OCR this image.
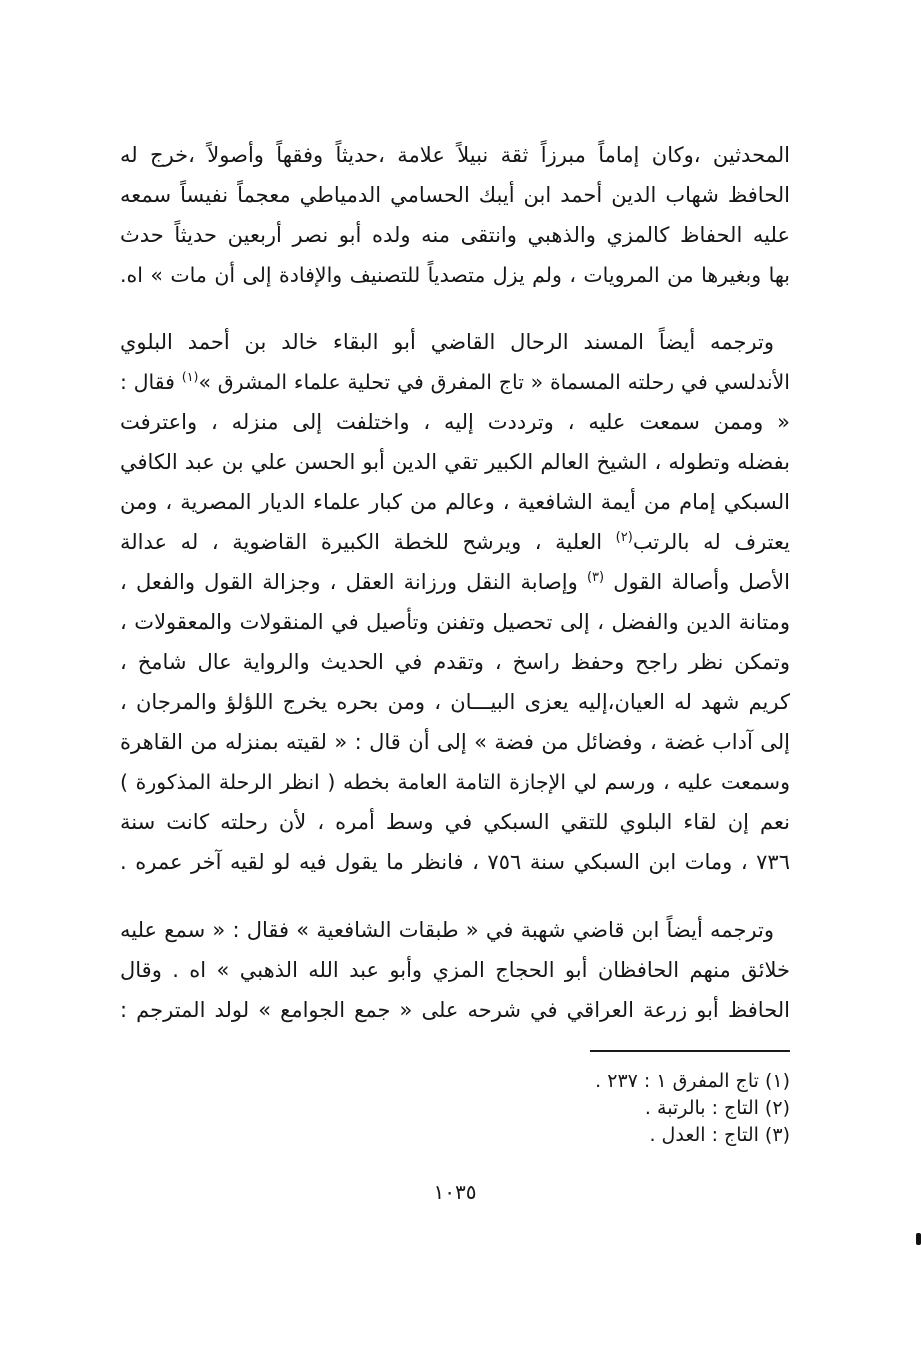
المحدثين ،وكان إماماً مبرزاً ثقة نبيلاً علامة ،حديثاً وفقهاً وأصولاً ،خرج له
الحافظ شهاب الدين أحمد ابن أيبك الحسامي الدمياطي معجماً نفيساً سمعه
عليه الحفاظ كالمزي والذهبي وانتقى منه ولده أبو نصر أربعين حديثاً حدث
بها وبغيرها من المرويات ، ولم يزل متصدياً للتصنيف والإفادة إلى أن مات » اه.
وترجمه أيضاً المسند الرحال القاضي أبو البقاء خالد بن أحمد البلوي
الأندلسي في رحلته المسماة « تاج المفرق في تحلية علماء المشرق »$^{(١)}$ فقال :
« وممن سمعت عليه ، وترددت إليه ، واختلفت إلى منزله ، واعترفت
بفضله وتطوله ، الشيخ العالم الكبير تقي الدين أبو الحسن علي بن عبد الكافي
السبكي إمام من أيمة الشافعية ، وعالم من كبار علماء الديار المصرية ، ومن
يعترف له بالرتب$^{(٢)}$ العلية ، ويرشح للخطة الكبيرة القاضوية ، له عدالة
الأصل وأصالة القول $^{(٣)}$ وإصابة النقل ورزانة العقل ، وجزالة القول والفعل ،
ومتانة الدين والفضل ، إلى تحصيل وتفنن وتأصيل في المنقولات والمعقولات ،
وتمكن نظر راجح وحفظ راسخ ، وتقدم في الحديث والرواية عال شامخ ،
كريم شهد له العيان،إليه يعزى البيـــان ، ومن بحره يخرج اللؤلؤ والمرجان ،
إلى آداب غضة ، وفضائل من فضة » إلى أن قال : « لقيته بمنزله من القاهرة
وسمعت عليه ، ورسم لي الإجازة التامة العامة بخطه ( انظر الرحلة المذكورة )
نعم إن لقاء البلوي للتقي السبكي في وسط أمره ، لأن رحلته كانت سنة
٧٣٦ ، ومات ابن السبكي سنة ٧٥٦ ، فانظر ما يقول فيه لو لقيه آخر عمره .
وترجمه أيضاً ابن قاضي شهبة في « طبقات الشافعية » فقال : « سمع عليه
خلائق منهم الحافظان أبو الحجاج المزي وأبو عبد الله الذهبي » اه . وقال
الحافظ أبو زرعة العراقي في شرحه على « جمع الجوامع » لولد المترجم :
(١) تاج المفرق ١ : ٢٣٧ .
(٢) التاج : بالرتبة .
(٣) التاج : العدل .
١٠٣٥
